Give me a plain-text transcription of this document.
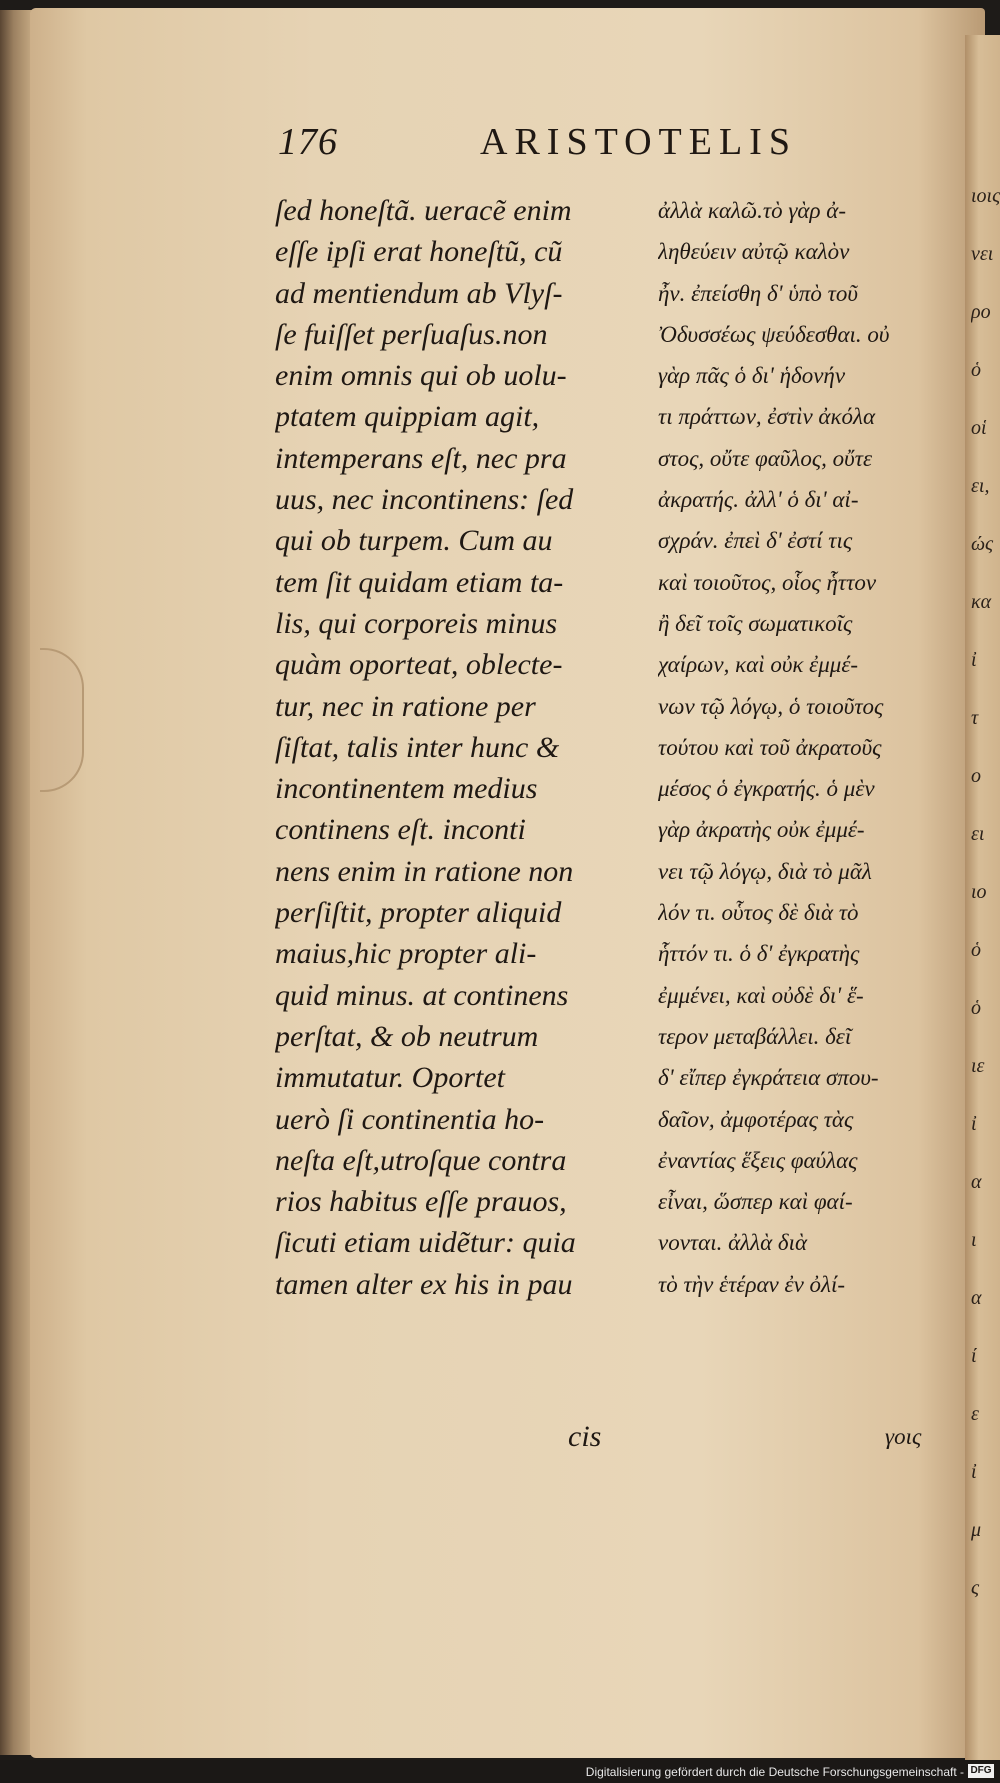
ιοις
νει
ρο
ὁ
οἱ
ει,
ώς
κα
ἰ
τ
ο
ει
ιο
ὁ
ὁ
ιε
ἰ
α
ι
α
ί
ε
ἰ
μ
ς
176	ARISTOTELIS
ſed honeſtã. ueracẽ enim
eſſe ipſi erat honeſtũ, cũ
ad mentiendum ab Vlyſ-
ſe fuiſſet perſuaſus.non
enim omnis qui ob uolu-
ptatem quippiam agit,
intemperans eſt, nec pra
uus, nec incontinens: ſed
qui ob turpem. Cum au
tem ſit quidam etiam ta-
lis, qui corporeis minus
quàm oporteat, oblecte-
tur, nec in ratione per
ſiſtat, talis inter hunc &
incontinentem medius
continens eſt. inconti
nens enim in ratione non
perſiſtit, propter aliquid
maius,hic propter ali-
quid minus. at continens
perſtat, & ob neutrum
immutatur. Oportet
uerò ſi continentia ho-
neſta eſt,utroſque contra
rios habitus eſſe prauos,
ſicuti etiam uidẽtur: quia
tamen alter ex his in pau
ἀλλὰ καλῶ.τὸ γὰρ ἀ-
ληθεύειν αὐτῷ καλὸν
ἦν. ἐπείσθη δ' ὑπὸ τοῦ
Ὀδυσσέως ψεύδεσθαι. οὐ
γὰρ πᾶς ὁ δι' ἡδονήν
τι πράττων, ἐστὶν ἀκόλα
στος, οὔτε φαῦλος, οὔτε
ἀκρατής. ἀλλ' ὁ δι' αἰ-
σχράν. ἐπεὶ δ' ἐστί τις
καὶ τοιοῦτος, οἷος ἧττον
ἢ δεῖ τοῖς σωματικοῖς
χαίρων, καὶ οὐκ ἐμμέ-
νων τῷ λόγῳ, ὁ τοιοῦτος
τούτου καὶ τοῦ ἀκρατοῦς
μέσος ὁ ἐγκρατής. ὁ μὲν
γὰρ ἀκρατὴς οὐκ ἐμμέ-
νει τῷ λόγῳ, διὰ τὸ μᾶλ
λόν τι. οὗτος δὲ διὰ τὸ
ἧττόν τι. ὁ δ' ἐγκρατὴς
ἐμμένει, καὶ οὐδὲ δι' ἕ-
τερον μεταβάλλει. δεῖ
δ' εἴπερ ἐγκράτεια σπου-
δαῖον, ἀμφοτέρας τὰς
ἐναντίας ἕξεις φαύλας
εἶναι, ὥσπερ καὶ φαί-
νονται. ἀλλὰ διὰ
τὸ τὴν ἑτέραν ἐν ὀλί-
cis	γοις
Digitalisierung gefördert durch die Deutsche Forschungsgemeinschaft - DFG
